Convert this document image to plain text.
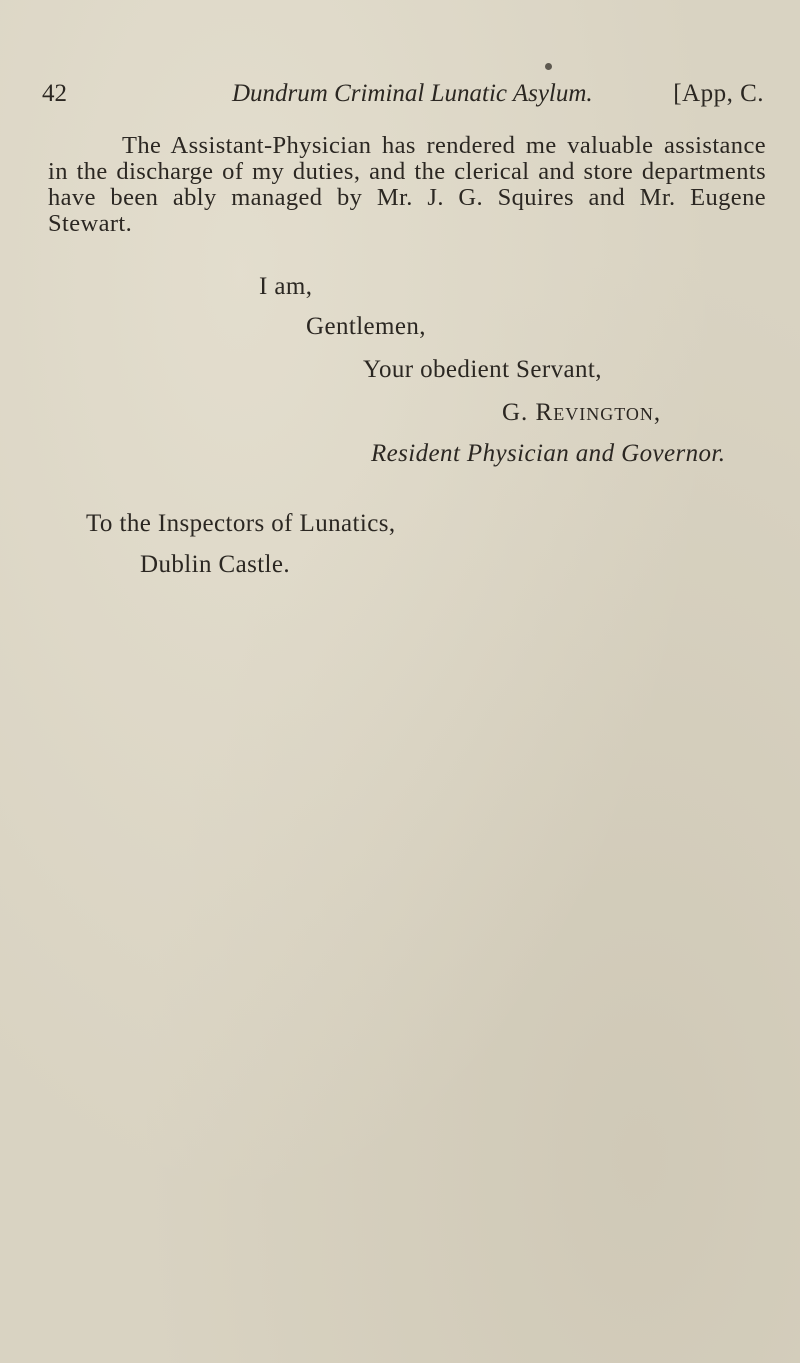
42	Dundrum Criminal Lunatic Asylum.	[App, C.

The Assistant-Physician has rendered me valuable assistance in the discharge of my duties, and the clerical and store departments have been ably managed by Mr. J. G. Squires and Mr. Eugene Stewart.

I am,
Gentlemen,
Your obedient Servant,
G. Revington,
Resident Physician and Governor.
To the Inspectors of Lunatics,
Dublin Castle.
